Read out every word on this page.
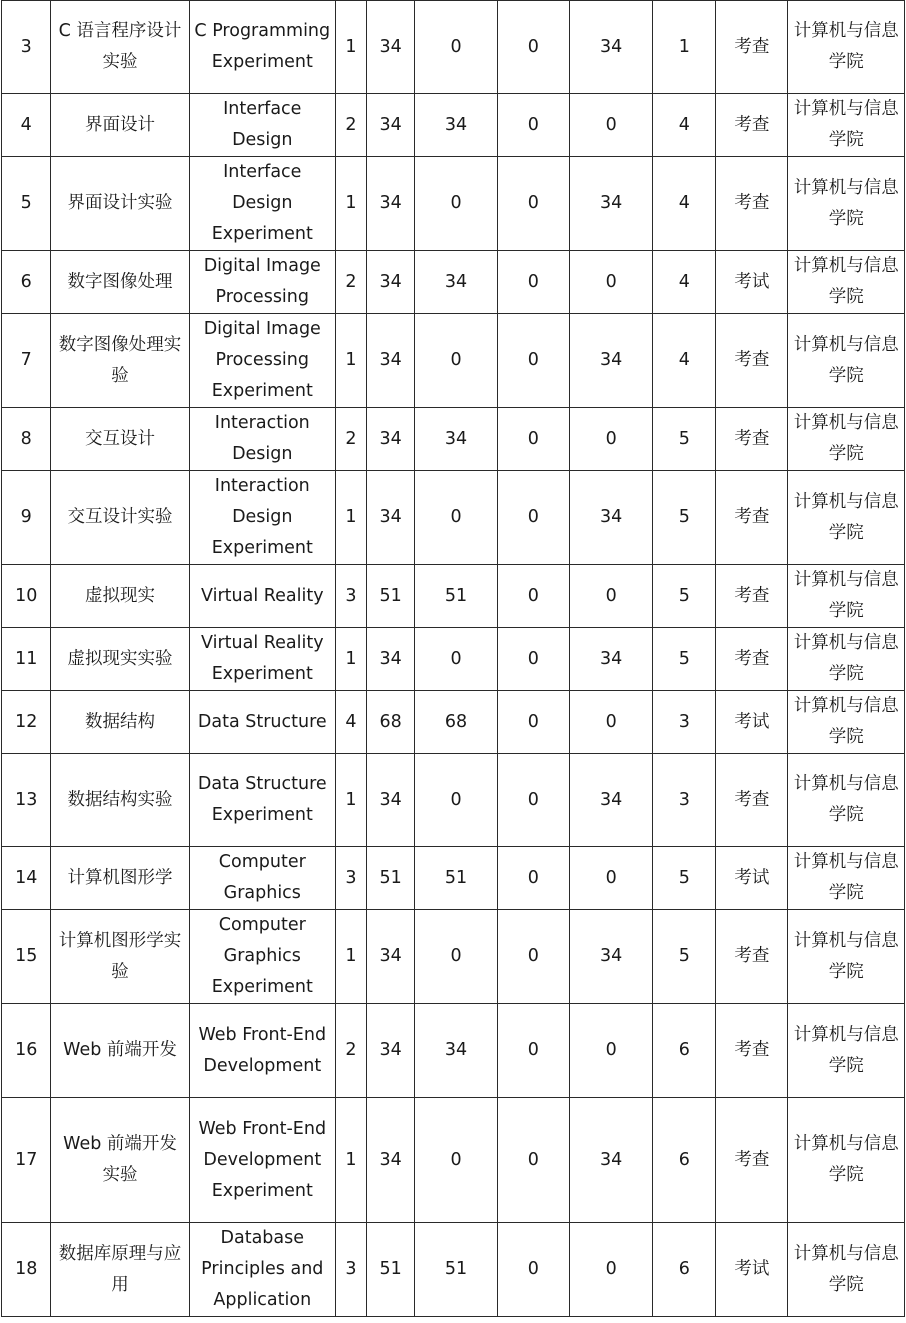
3	C 语言程序设计实验	C Programming Experiment	1	34	0	0	34	1	考查	计算机与信息学院
4	界面设计	Interface Design	2	34	34	0	0	4	考查	计算机与信息学院
5	界面设计实验	Interface Design Experiment	1	34	0	0	34	4	考查	计算机与信息学院
6	数字图像处理	Digital Image Processing	2	34	34	0	0	4	考试	计算机与信息学院
7	数字图像处理实验	Digital Image Processing Experiment	1	34	0	0	34	4	考查	计算机与信息学院
8	交互设计	Interaction Design	2	34	34	0	0	5	考查	计算机与信息学院
9	交互设计实验	Interaction Design Experiment	1	34	0	0	34	5	考查	计算机与信息学院
10	虚拟现实	Virtual Reality	3	51	51	0	0	5	考查	计算机与信息学院
11	虚拟现实实验	Virtual Reality Experiment	1	34	0	0	34	5	考查	计算机与信息学院
12	数据结构	Data Structure	4	68	68	0	0	3	考试	计算机与信息学院
13	数据结构实验	Data Structure Experiment	1	34	0	0	34	3	考查	计算机与信息学院
14	计算机图形学	Computer Graphics	3	51	51	0	0	5	考试	计算机与信息学院
15	计算机图形学实验	Computer Graphics Experiment	1	34	0	0	34	5	考查	计算机与信息学院
16	Web 前端开发	Web Front-End Development	2	34	34	0	0	6	考查	计算机与信息学院
17	Web 前端开发实验	Web Front-End Development Experiment	1	34	0	0	34	6	考查	计算机与信息学院
18	数据库原理与应用	Database Principles and Application	3	51	51	0	0	6	考试	计算机与信息学院
